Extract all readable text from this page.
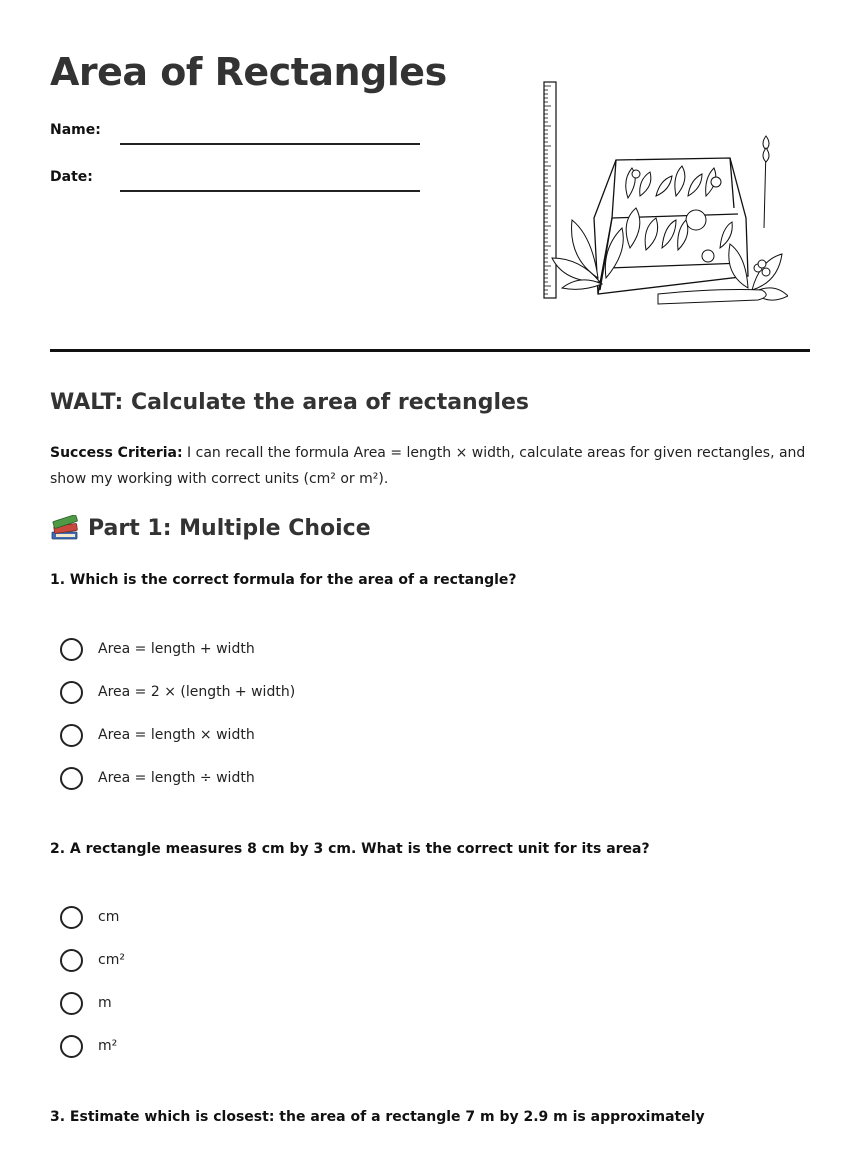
Area of Rectangles
Name:
Date:
WALT: Calculate the area of rectangles

Success Criteria: I can recall the formula Area = length × width, calculate areas for given rectangles, and show my working with correct units (cm² or m²).

Part 1: Multiple Choice
1. Which is the correct formula for the area of a rectangle?
Area = length + width
Area = 2 × (length + width)
Area = length × width
Area = length ÷ width
2. A rectangle measures 8 cm by 3 cm. What is the correct unit for its area?
cm
cm²
m
m²
3. Estimate which is closest: the area of a rectangle 7 m by 2.9 m is approximately
